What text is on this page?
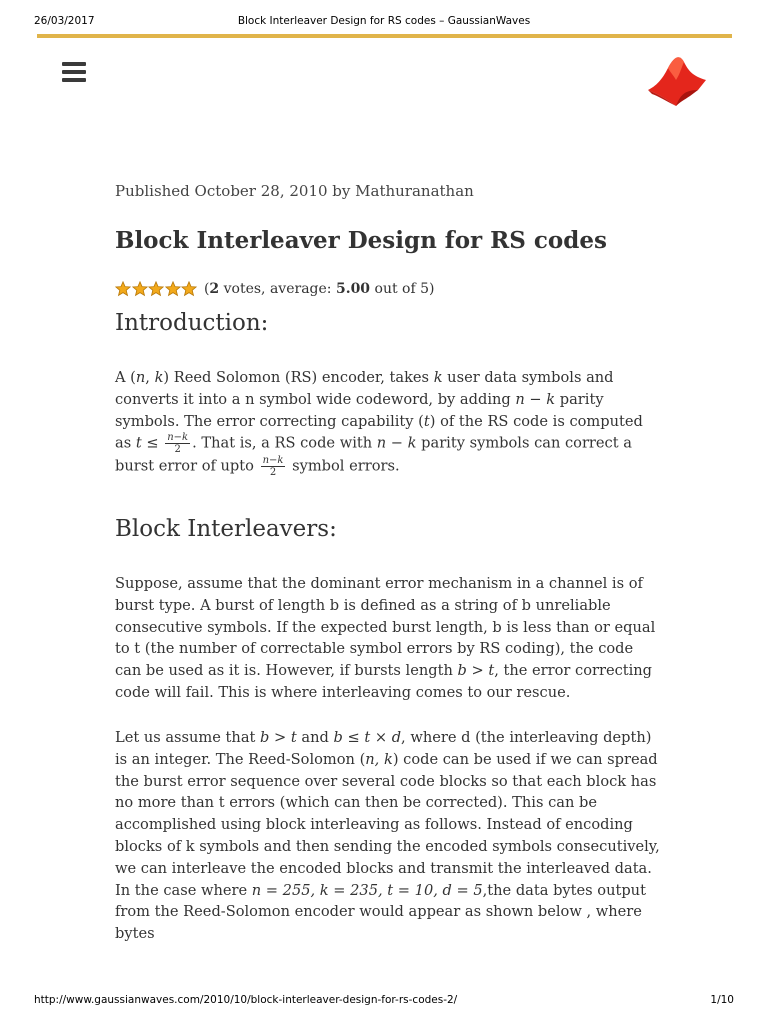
26/03/2017	Block Interleaver Design for RS codes – GaussianWaves
Published October 28, 2010 by Mathuranathan
Block Interleaver Design for RS codes
(2 votes, average: 5.00 out of 5)
Introduction:

A (n, k) Reed Solomon (RS) encoder, takes k user data symbols and converts it into a n symbol wide codeword, by adding n − k parity symbols. The error correcting capability (t) of the RS code is computed as $t \le \frac{n-k}{2}$ . That is, a RS code with n − k parity symbols can correct a burst error of upto $\frac{n-k}{2}$ symbol errors.

Block Interleavers:

Suppose, assume that the dominant error mechanism in a channel is of burst type. A burst of length b is defined as a string of b unreliable consecutive symbols. If the expected burst length, b is less than or equal to t (the number of correctable symbol errors by RS coding), the code can be used as it is. However, if bursts length b > t, the error correcting code will fail. This is where interleaving comes to our rescue.

Let us assume that b > t and b ≤ t × d, where d (the interleaving depth) is an integer. The Reed-Solomon (n, k) code can be used if we can spread the burst error sequence over several code blocks so that each block has no more than t errors (which can then be corrected). This can be accomplished using block interleaving as follows. Instead of encoding blocks of k symbols and then sending the encoded symbols consecutively, we can interleave the encoded blocks and transmit the interleaved data. In the case where n = 255, k = 235, t = 10, d = 5,the data bytes output from the Reed-Solomon encoder would appear as shown below , where bytes

http://www.gaussianwaves.com/2010/10/block-interleaver-design-for-rs-codes-2/	1/10
